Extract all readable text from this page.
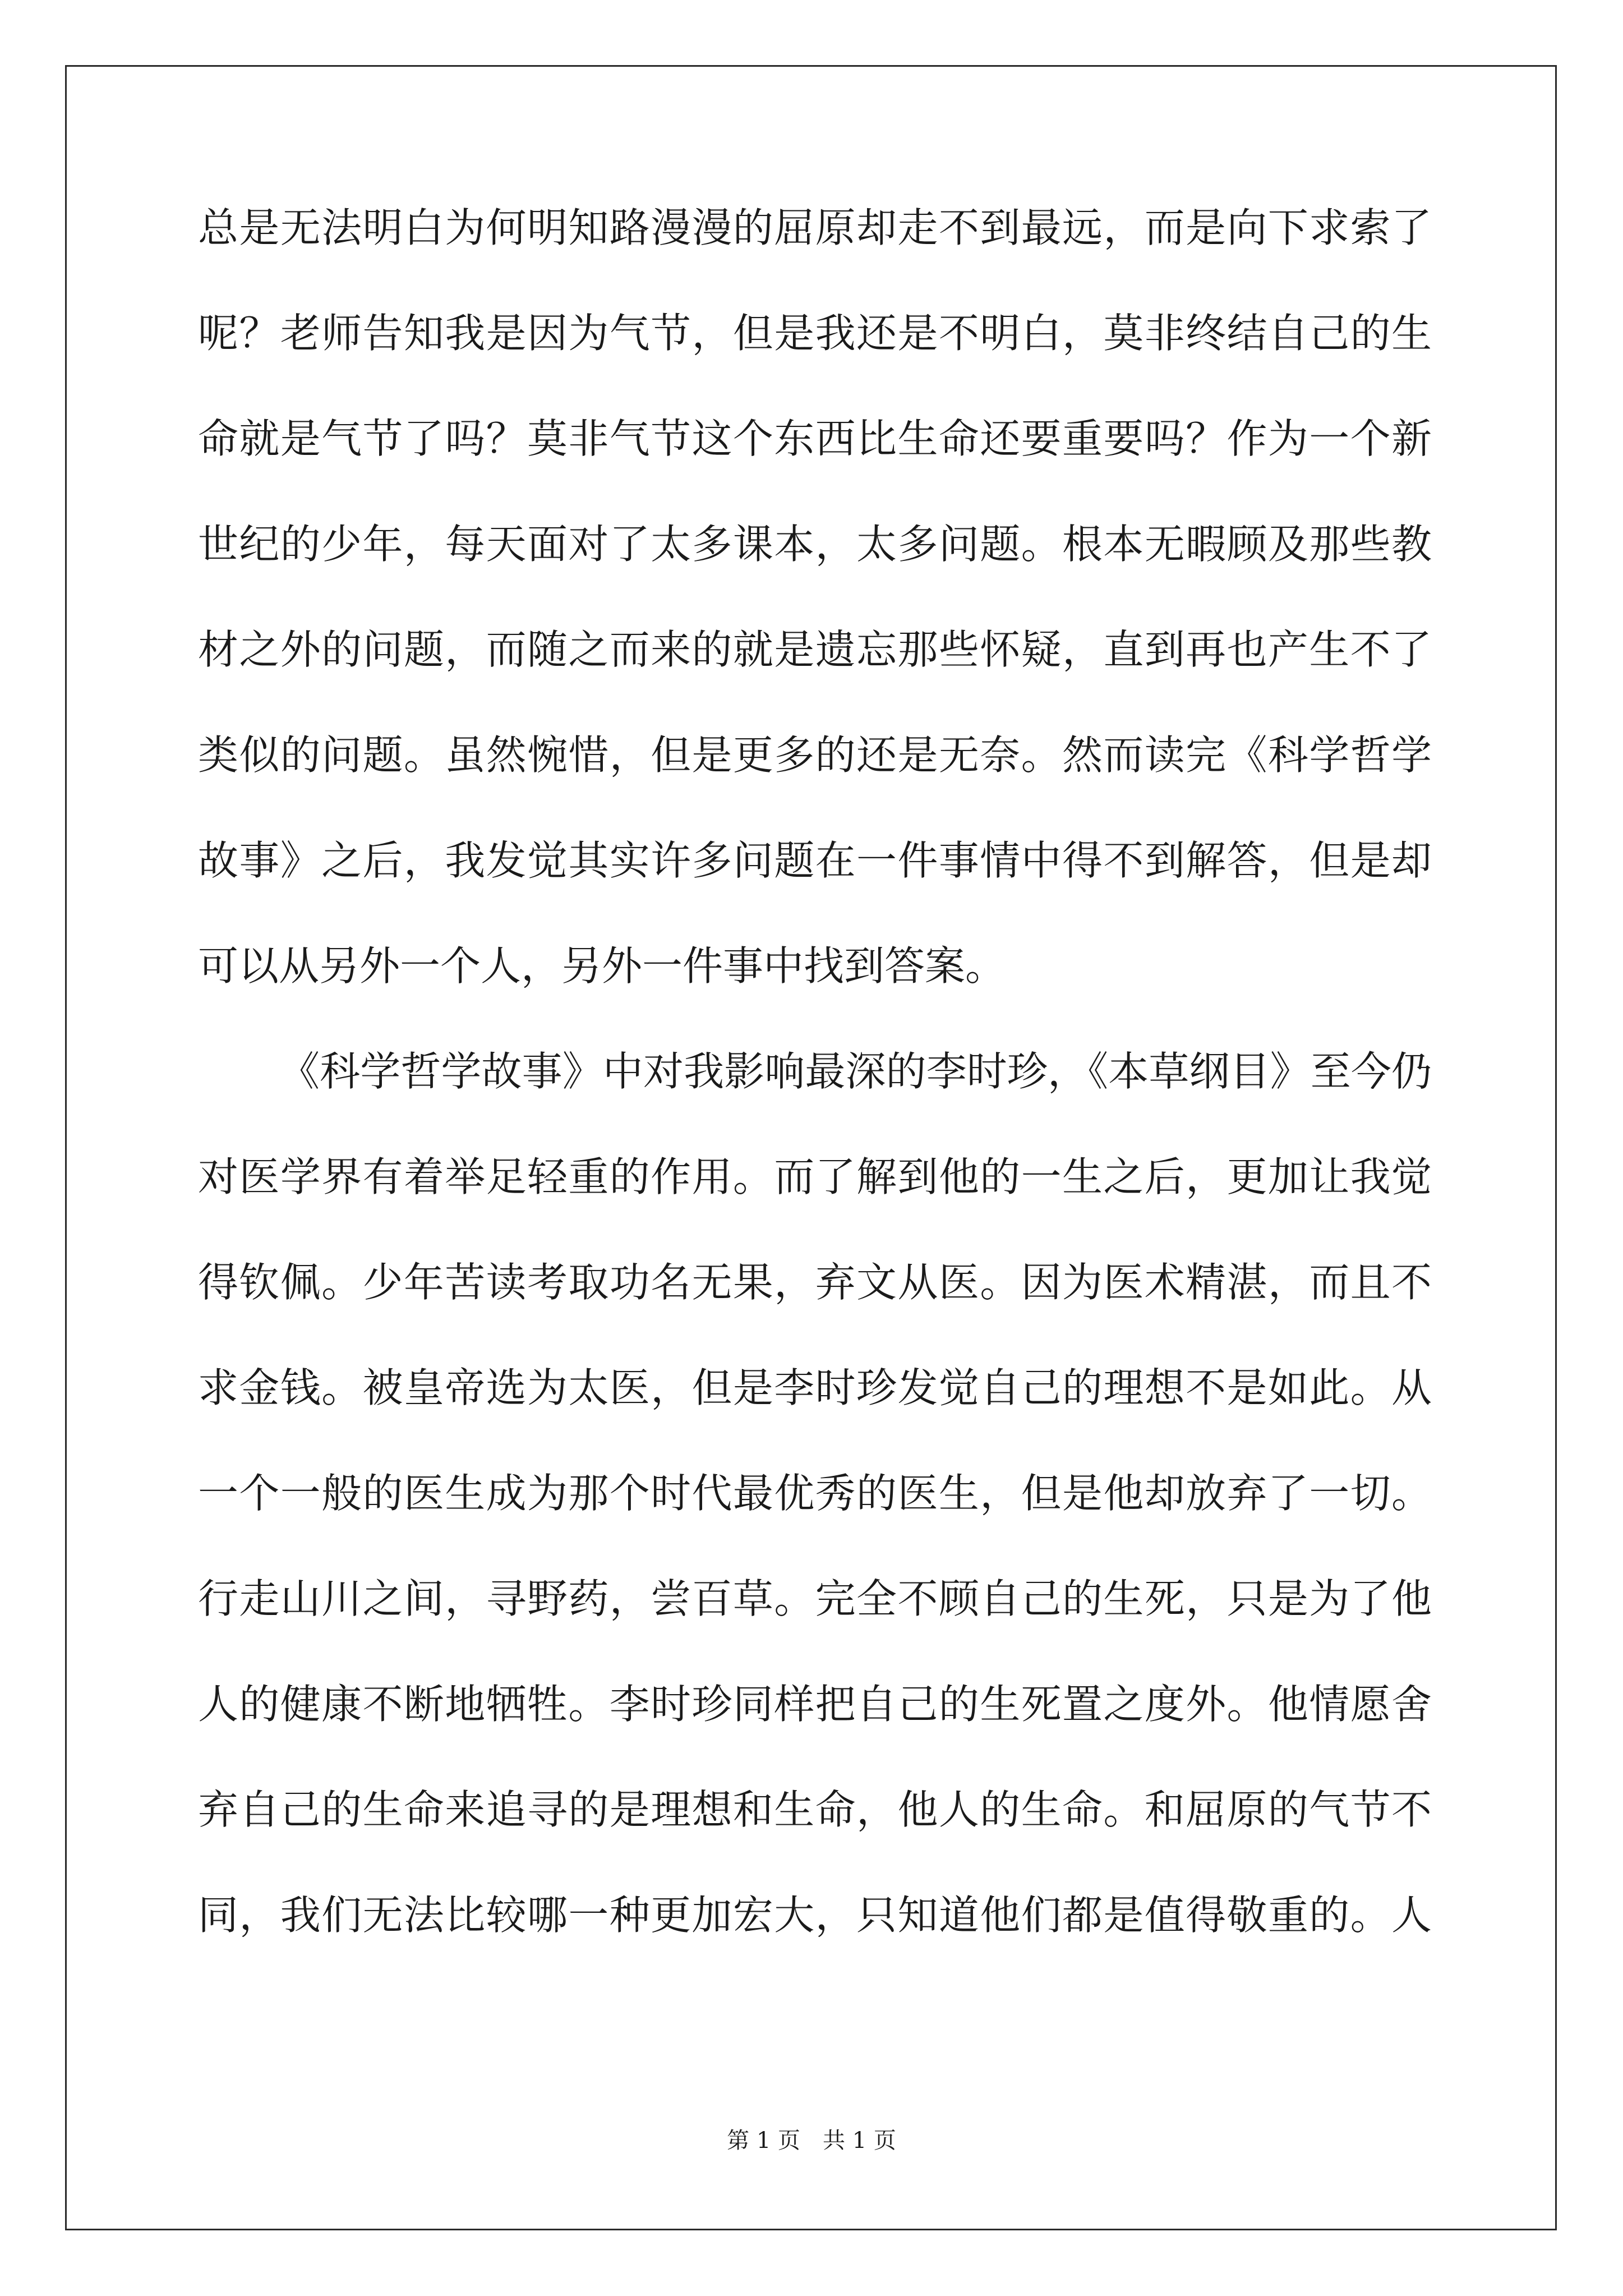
总是无法明白为何明知路漫漫的屈原却走不到最远，而是向下求索了
呢？老师告知我是因为气节，但是我还是不明白，莫非终结自己的生
命就是气节了吗？莫非气节这个东西比生命还要重要吗？作为一个新
世纪的少年，每天面对了太多课本，太多问题。根本无暇顾及那些教
材之外的问题，而随之而来的就是遗忘那些怀疑，直到再也产生不了
类似的问题。虽然惋惜，但是更多的还是无奈。然而读完《科学哲学
故事》之后，我发觉其实许多问题在一件事情中得不到解答，但是却
可以从另外一个人，另外一件事中找到答案。
《科学哲学故事》中对我影响最深的李时珍，《本草纲目》至今仍
对医学界有着举足轻重的作用。而了解到他的一生之后，更加让我觉
得钦佩。少年苦读考取功名无果，弃文从医。因为医术精湛，而且不
求金钱。被皇帝选为太医，但是李时珍发觉自己的理想不是如此。从
一个一般的医生成为那个时代最优秀的医生，但是他却放弃了一切。
行走山川之间，寻野药，尝百草。完全不顾自己的生死，只是为了他
人的健康不断地牺牲。李时珍同样把自己的生死置之度外。他情愿舍
弃自己的生命来追寻的是理想和生命，他人的生命。和屈原的气节不
同，我们无法比较哪一种更加宏大，只知道他们都是值得敬重的。人
第 1 页　共 1 页
